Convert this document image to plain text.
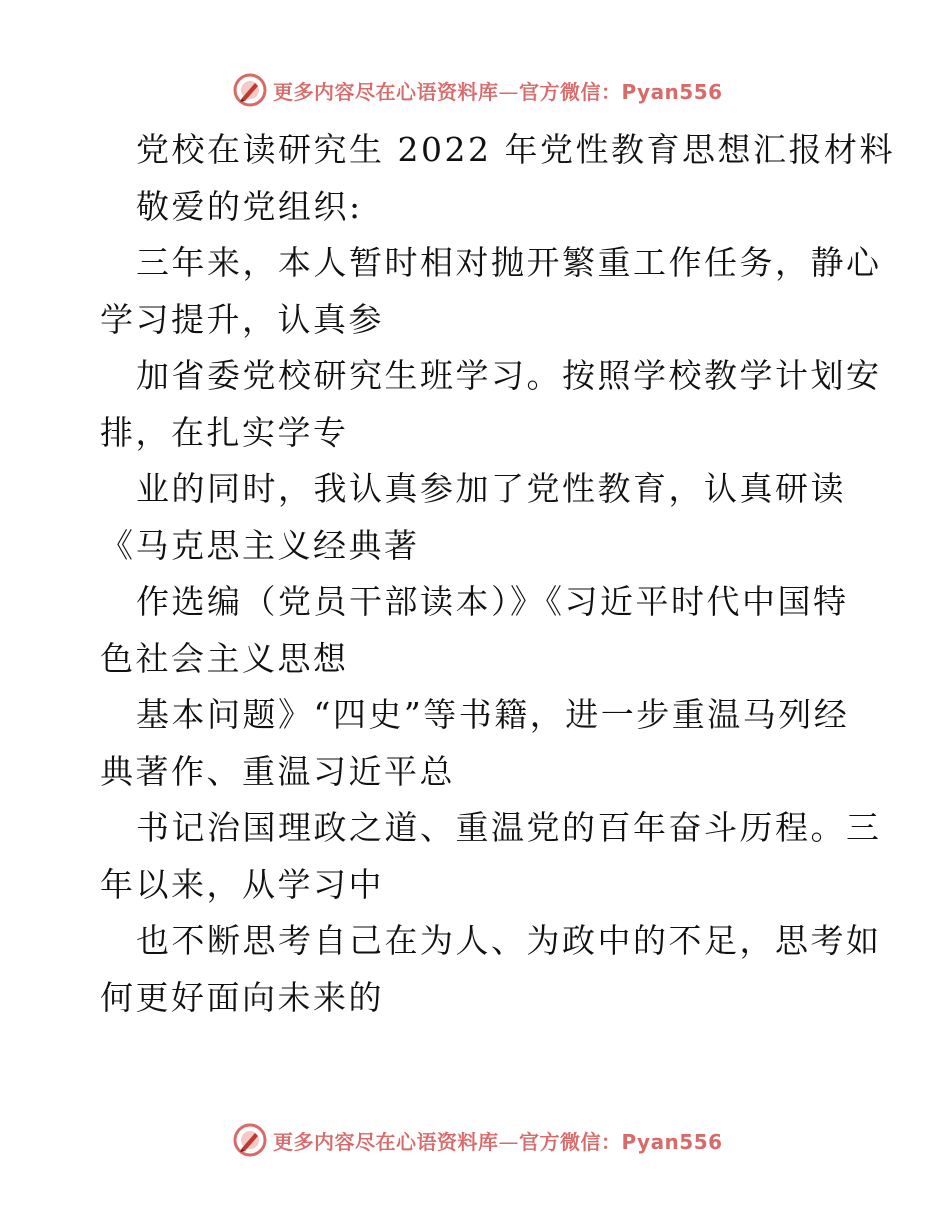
更多内容尽在心语资料库—官方微信：Pyan556
党校在读研究生 2022 年党性教育思想汇报材料
敬爱的党组织:
三年来，本人暂时相对抛开繁重工作任务，静心
学习提升，认真参
加省委党校研究生班学习。按照学校教学计划安
排，在扎实学专
业的同时，我认真参加了党性教育，认真研读
《马克思主义经典著
作选编（党员干部读本）》《习近平时代中国特
色社会主义思想
基本问题》“四史”等书籍，进一步重温马列经
典著作、重温习近平总
书记治国理政之道、重温党的百年奋斗历程。三
年以来，从学习中
也不断思考自己在为人、为政中的不足，思考如
何更好面向未来的
更多内容尽在心语资料库—官方微信：Pyan556
